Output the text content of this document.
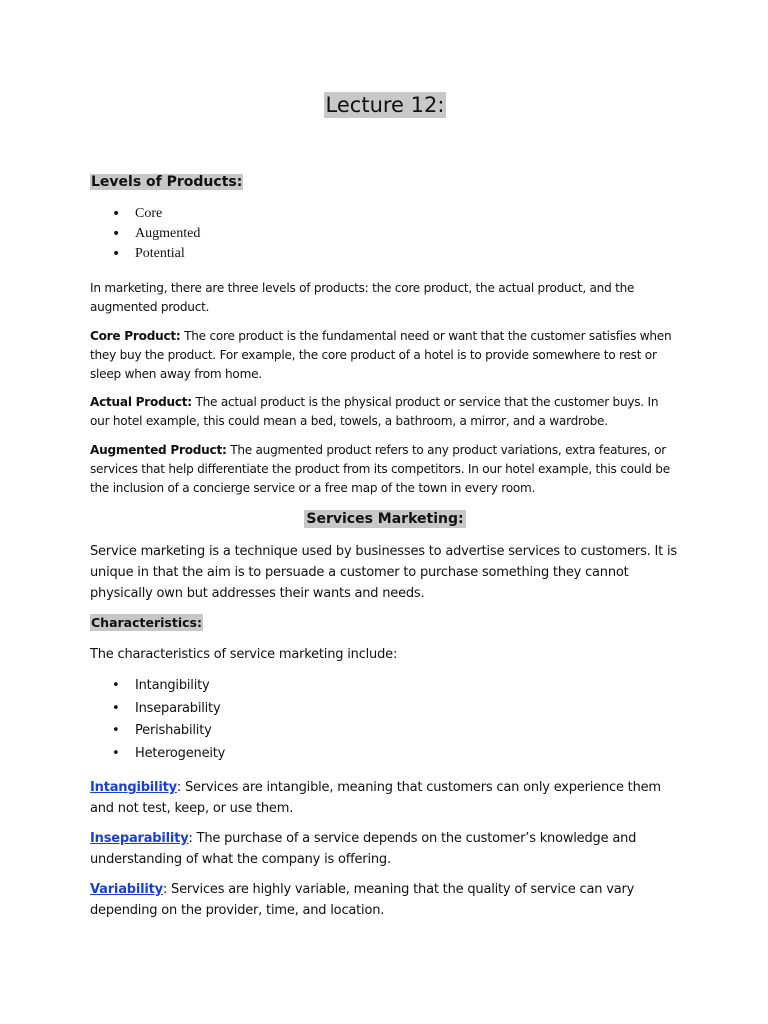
Lecture 12:
Levels of Products:
• Core
• Augmented
• Potential

In marketing, there are three levels of products: the core product, the actual product, and the augmented product.

Core Product: The core product is the fundamental need or want that the customer satisfies when they buy the product. For example, the core product of a hotel is to provide somewhere to rest or sleep when away from home.

Actual Product: The actual product is the physical product or service that the customer buys. In our hotel example, this could mean a bed, towels, a bathroom, a mirror, and a wardrobe.

Augmented Product: The augmented product refers to any product variations, extra features, or services that help differentiate the product from its competitors. In our hotel example, this could be the inclusion of a concierge service or a free map of the town in every room.

Services Marketing:

Service marketing is a technique used by businesses to advertise services to customers. It is unique in that the aim is to persuade a customer to purchase something they cannot physically own but addresses their wants and needs.

Characteristics:

The characteristics of service marketing include:

• Intangibility
• Inseparability
• Perishability
• Heterogeneity

Intangibility: Services are intangible, meaning that customers can only experience them and not test, keep, or use them.

Inseparability: The purchase of a service depends on the customer’s knowledge and understanding of what the company is offering.

Variability: Services are highly variable, meaning that the quality of service can vary depending on the provider, time, and location.
